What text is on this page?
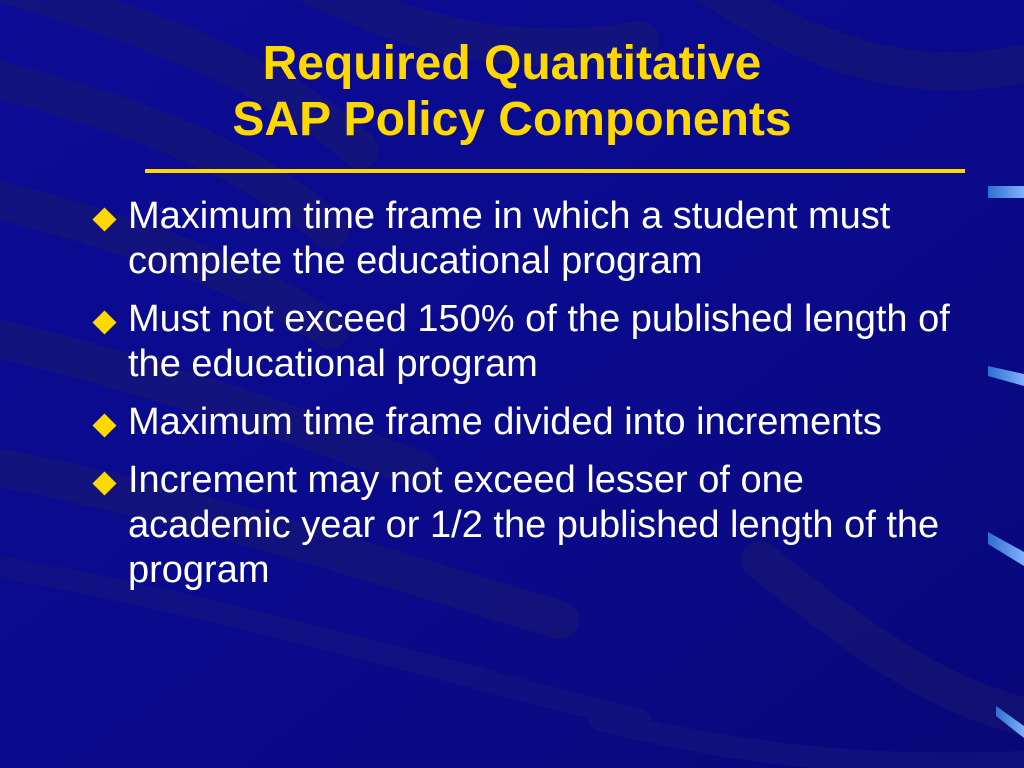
Required Quantitative
SAP Policy Components
Maximum time frame in which a student must complete the educational program
Must not exceed 150% of the published length of the educational program
Maximum time frame divided into increments
Increment may not exceed lesser of one academic year or 1/2 the published length of the program
